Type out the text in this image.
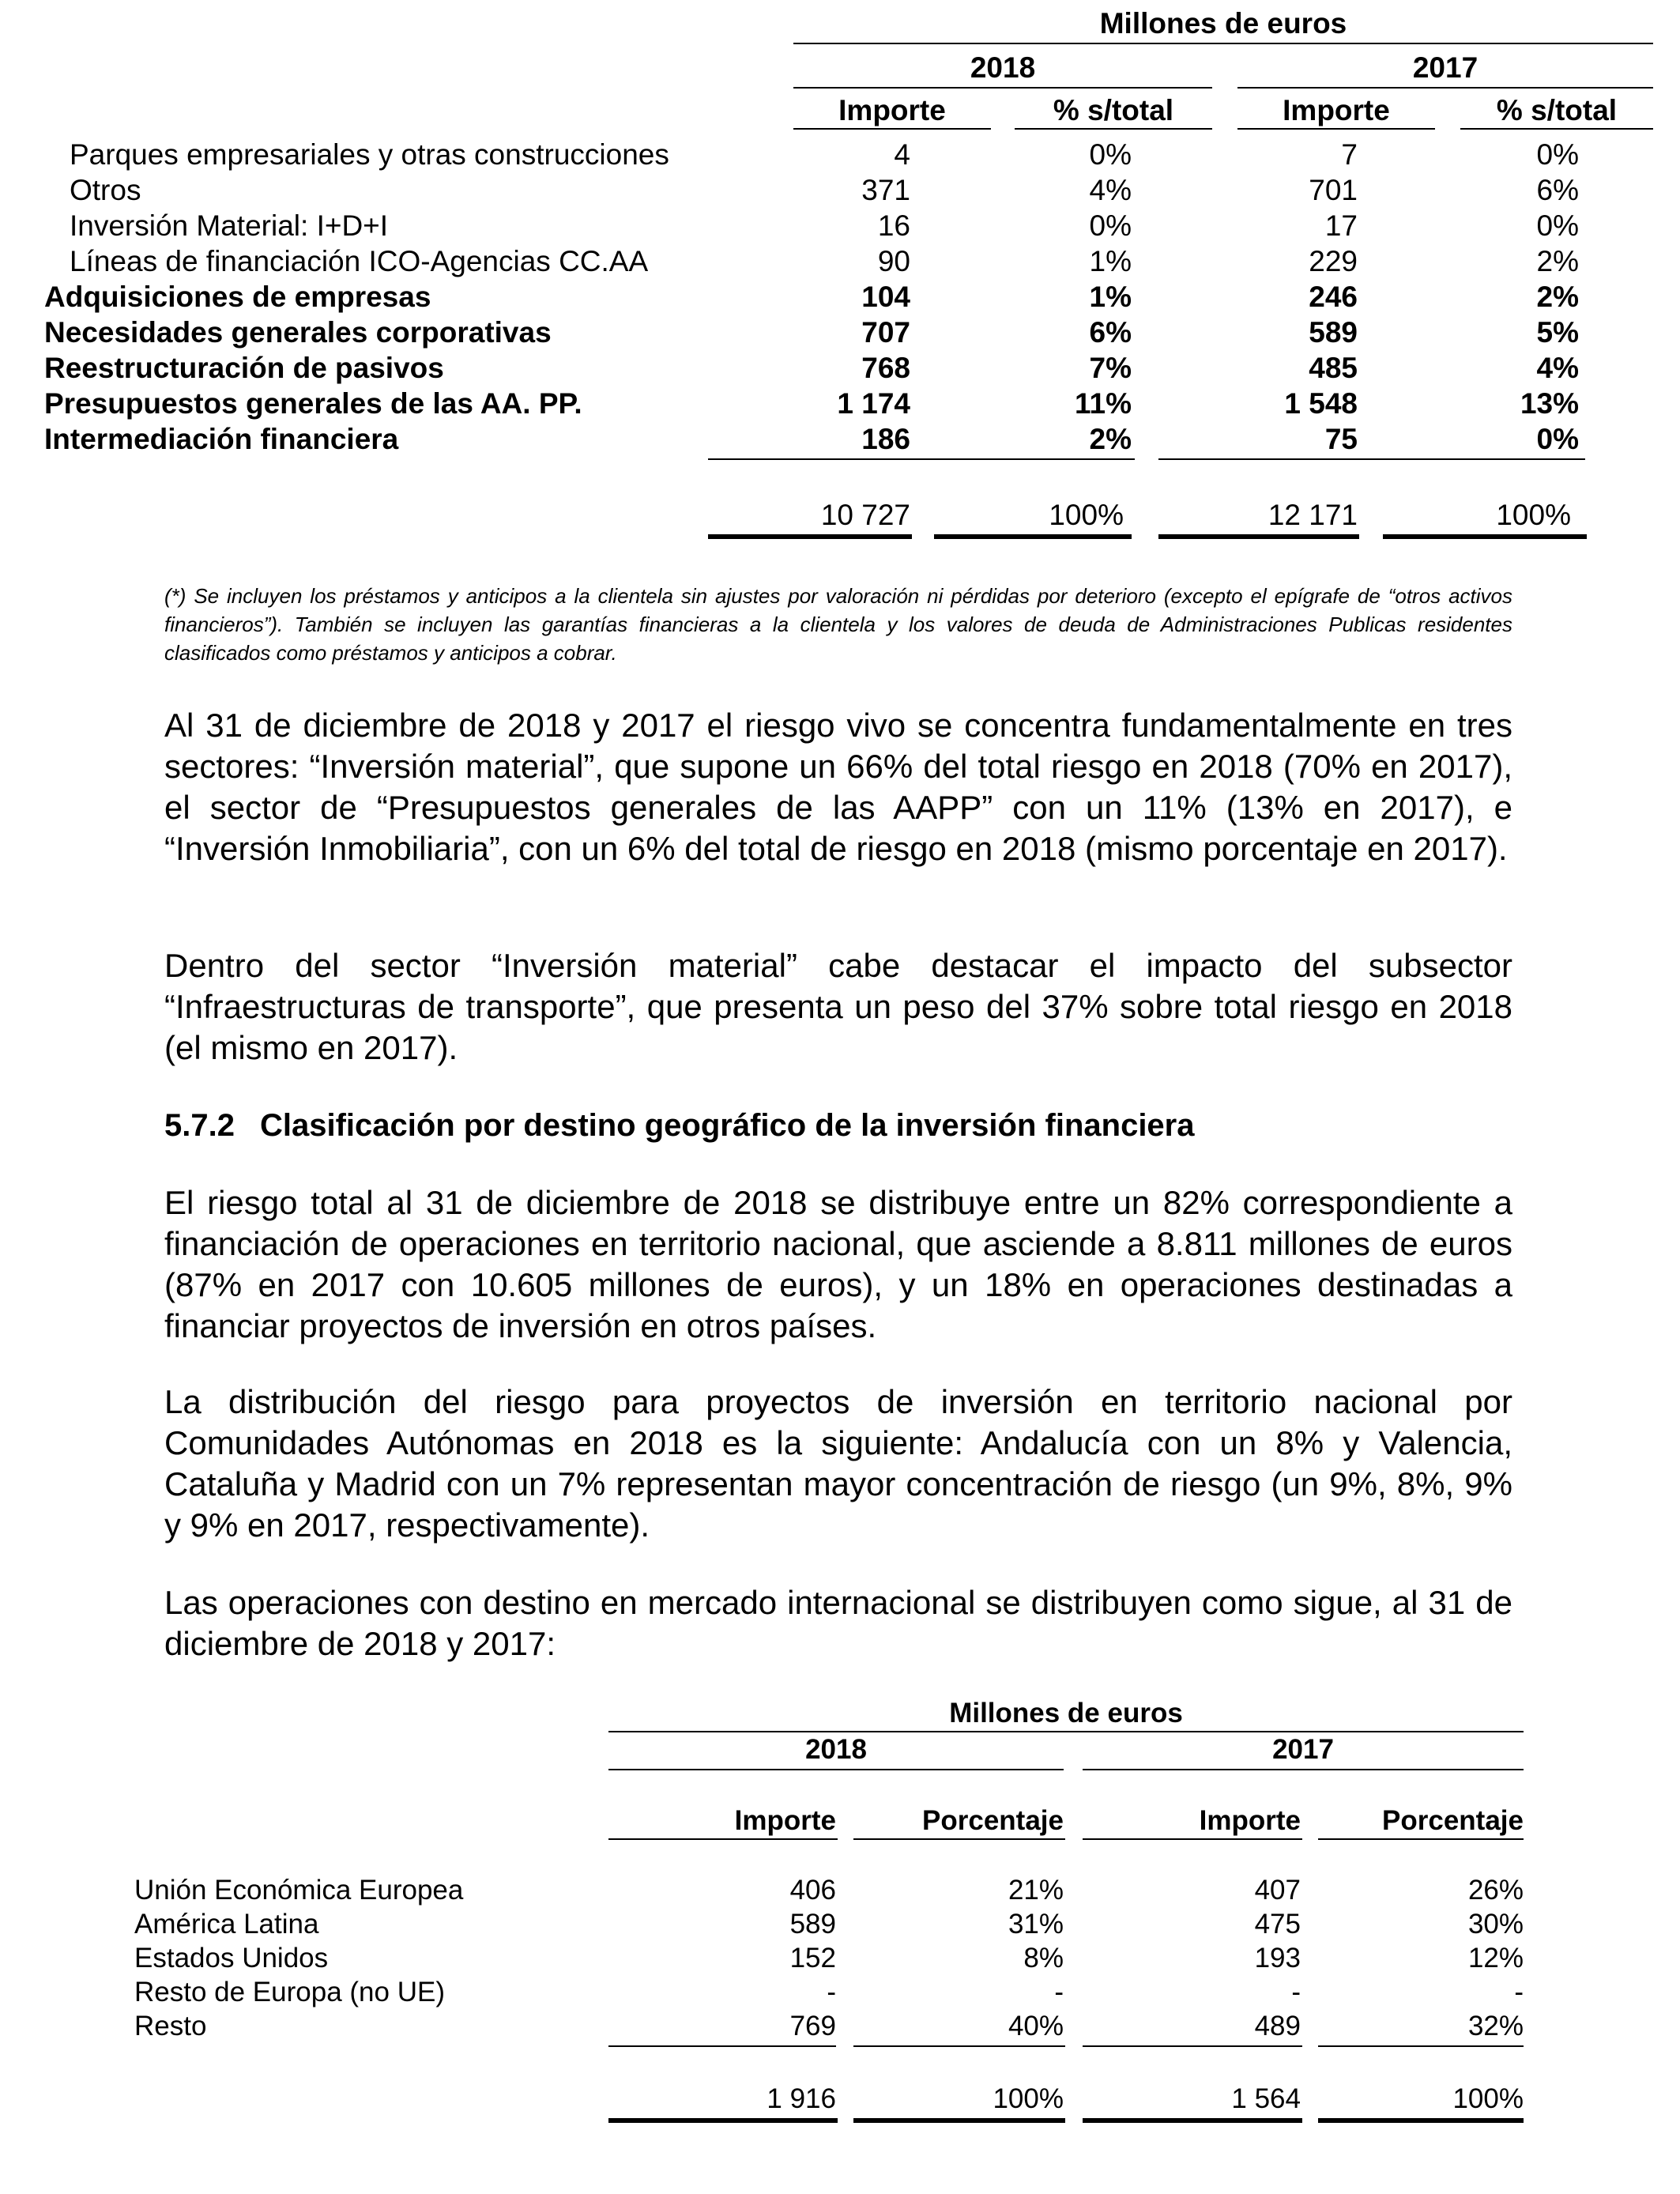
Millones de euros
2018	2017
Importe	% s/total	Importe	% s/total
Parques empresariales y otras construcciones	4	0%	7	0%
Otros	371	4%	701	6%
Inversión Material: I+D+I	16	0%	17	0%
Líneas de financiación ICO-Agencias CC.AA	90	1%	229	2%
Adquisiciones de empresas	104	1%	246	2%
Necesidades generales corporativas	707	6%	589	5%
Reestructuración de pasivos	768	7%	485	4%
Presupuestos generales de las AA. PP.	1 174	11%	1 548	13%
Intermediación financiera	186	2%	75	0%
10 727	100%	12 171	100%
(*) Se incluyen los préstamos y anticipos a la clientela sin ajustes por valoración ni pérdidas por deterioro (excepto el epígrafe de “otros activos financieros”). También se incluyen las garantías financieras a la clientela y los valores de deuda de Administraciones Publicas residentes clasificados como préstamos y anticipos a cobrar.

Al 31 de diciembre de 2018 y 2017 el riesgo vivo se concentra fundamentalmente en tres sectores: “Inversión material”, que supone un 66% del total riesgo en 2018 (70% en 2017), el sector de “Presupuestos generales de las AAPP” con un 11% (13% en 2017), e “Inversión Inmobiliaria”, con un 6% del total de riesgo en 2018 (mismo porcentaje en 2017).

Dentro del sector “Inversión material” cabe destacar el impacto del subsector “Infraestructuras de transporte”, que presenta un peso del 37% sobre total riesgo en 2018 (el mismo en 2017).

5.7.2 Clasificación por destino geográfico de la inversión financiera

El riesgo total al 31 de diciembre de 2018 se distribuye entre un 82% correspondiente a financiación de operaciones en territorio nacional, que asciende a 8.811 millones de euros (87% en 2017 con 10.605 millones de euros), y un 18% en operaciones destinadas a financiar proyectos de inversión en otros países.

La distribución del riesgo para proyectos de inversión en territorio nacional por Comunidades Autónomas en 2018 es la siguiente: Andalucía con un 8% y Valencia, Cataluña y Madrid con un 7% representan mayor concentración de riesgo (un 9%, 8%, 9% y 9% en 2017, respectivamente).

Las operaciones con destino en mercado internacional se distribuyen como sigue, al 31 de diciembre de 2018 y 2017:

Millones de euros
2018	2017
Importe	Porcentaje	Importe	Porcentaje
Unión Económica Europea	406	21%	407	26%
América Latina	589	31%	475	30%
Estados Unidos	152	8%	193	12%
Resto de Europa (no UE)	-	-	-	-
Resto	769	40%	489	32%
1 916	100%	1 564	100%
